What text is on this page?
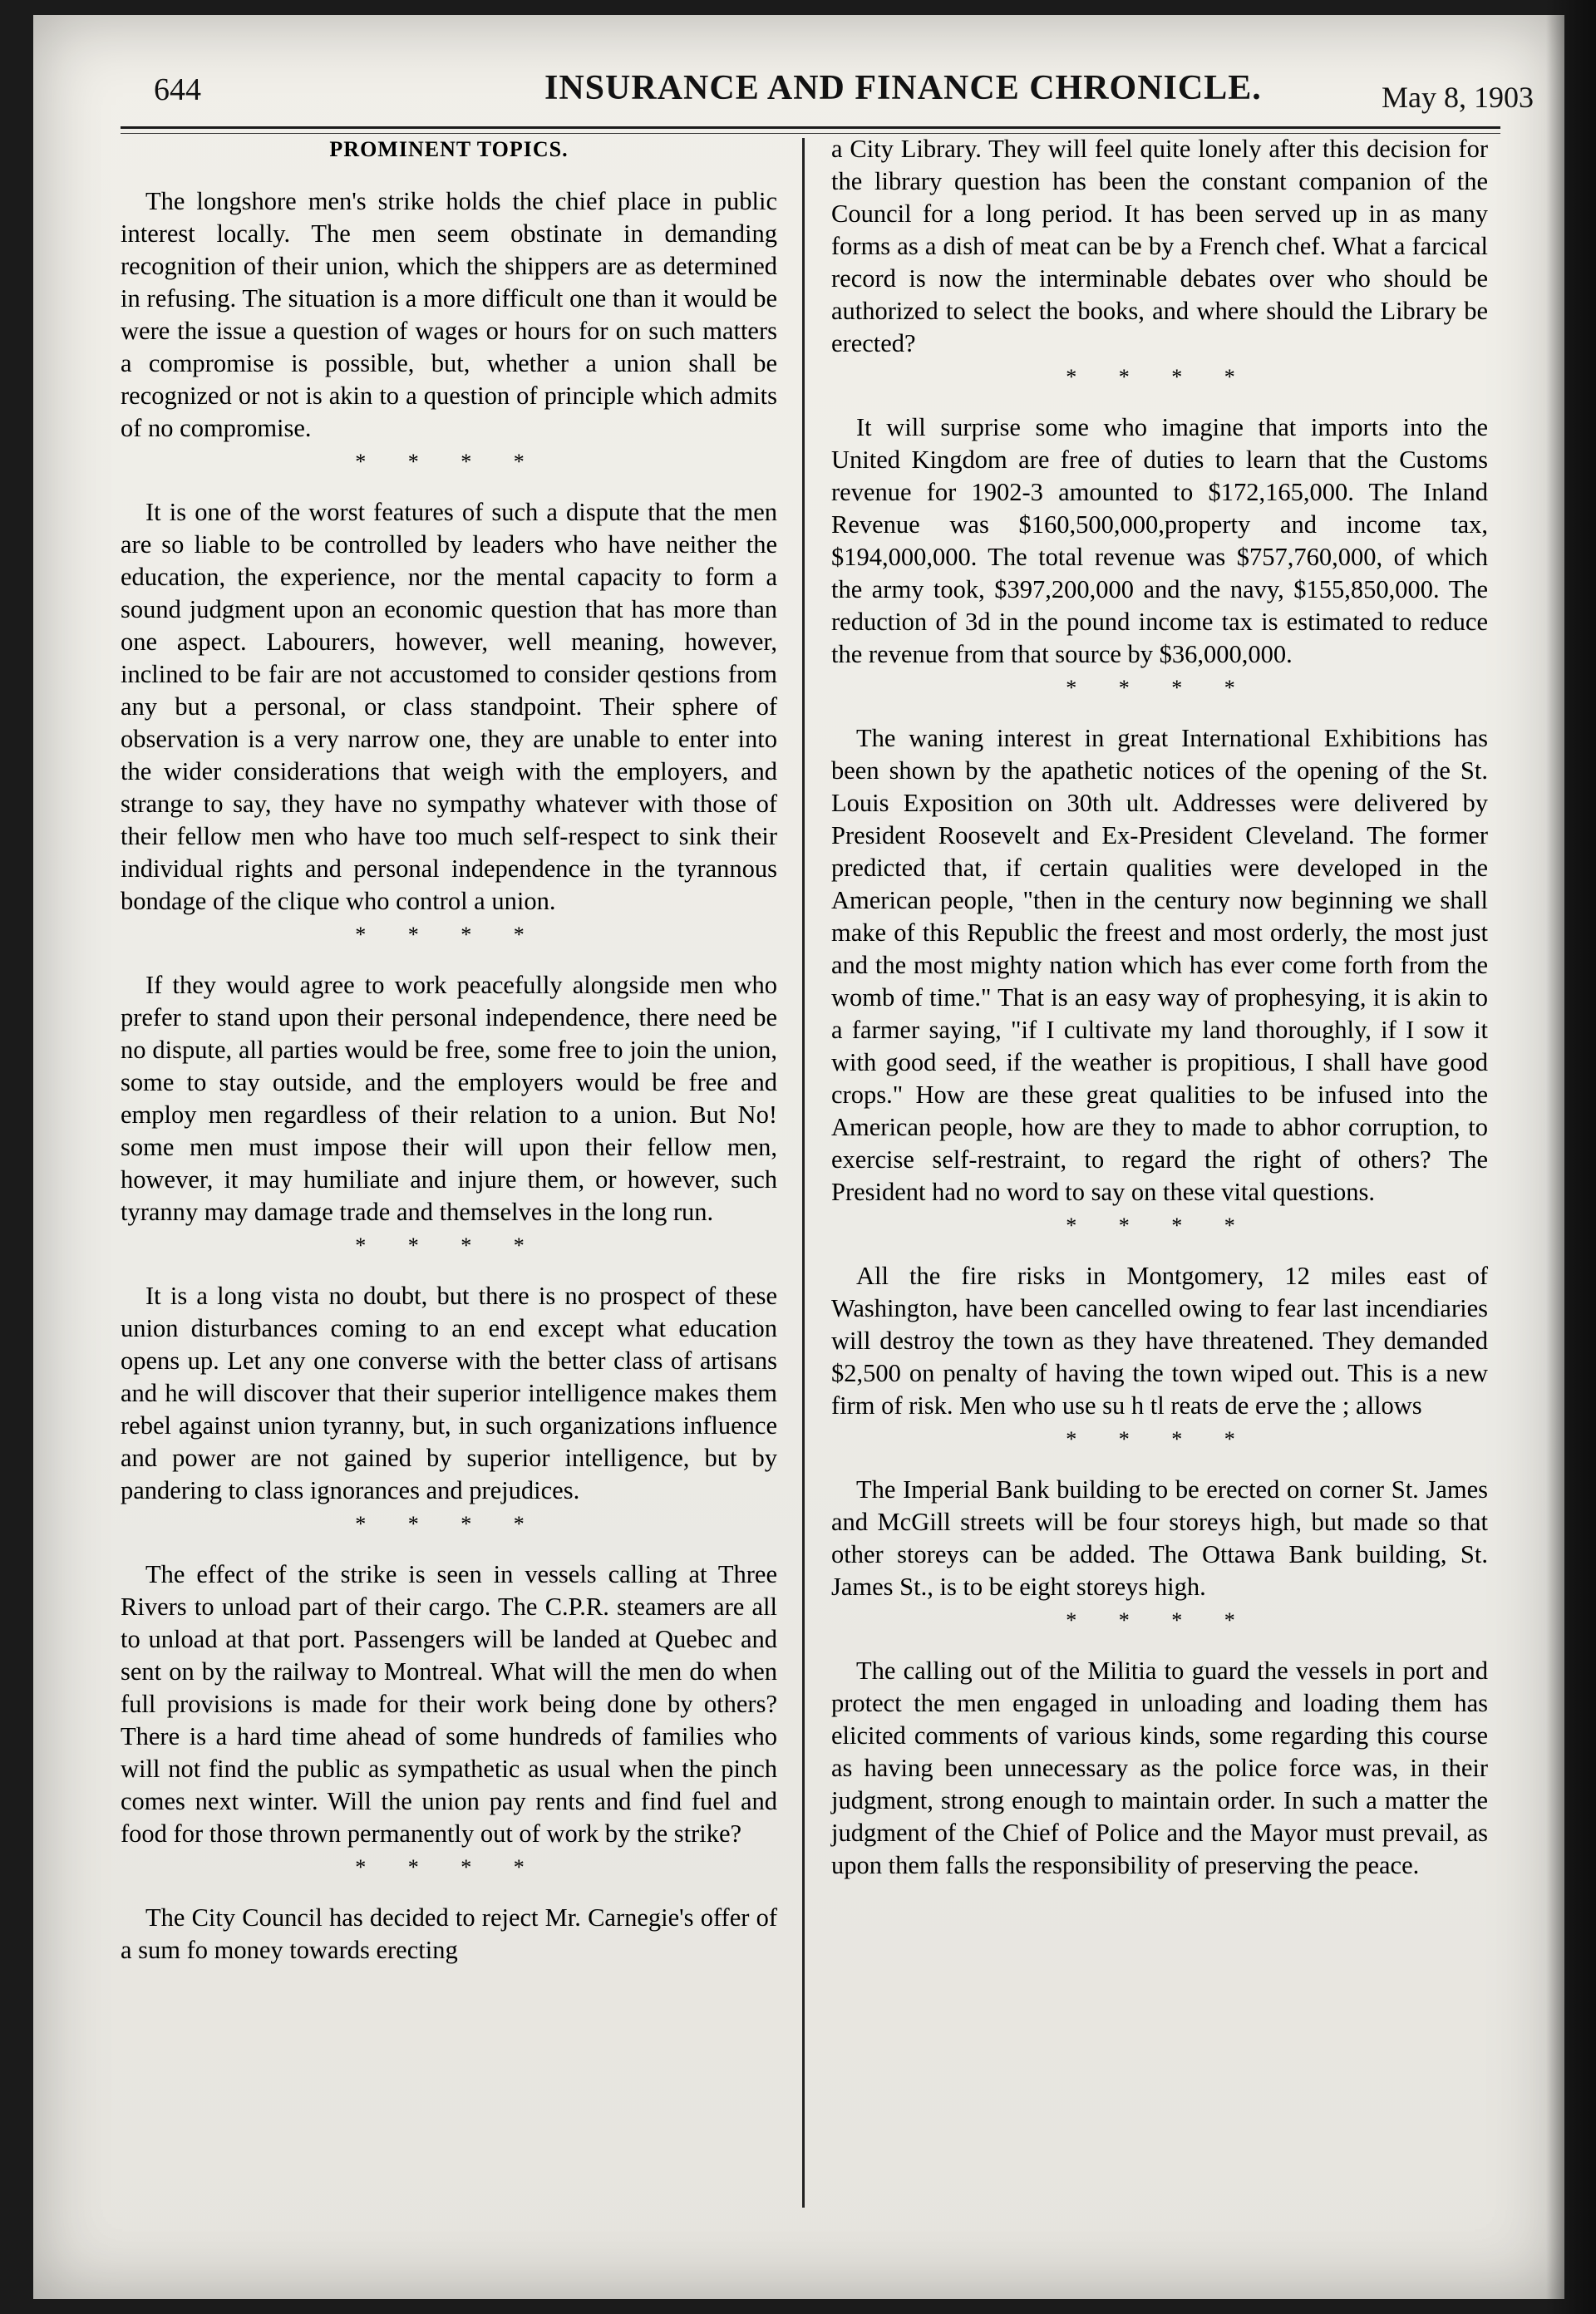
644	INSURANCE AND FINANCE CHRONICLE.	May 8, 1903
PROMINENT TOPICS.

The longshore men's strike holds the chief place in public interest locally. The men seem obstinate in demanding recognition of their union, which the shippers are as determined in refusing. The situation is a more difficult one than it would be were the issue a question of wages or hours for on such matters a compromise is possible, but, whether a union shall be recognized or not is akin to a question of principle which admits of no compromise.

* * * *

It is one of the worst features of such a dispute that the men are so liable to be controlled by leaders who have neither the education, the experience, nor the mental capacity to form a sound judgment upon an economic question that has more than one aspect. Labourers, however, well meaning, however, inclined to be fair are not accustomed to consider qestions from any but a personal, or class standpoint. Their sphere of observation is a very narrow one, they are unable to enter into the wider considerations that weigh with the employers, and strange to say, they have no sympathy whatever with those of their fellow men who have too much self-respect to sink their individual rights and personal independence in the tyrannous bondage of the clique who control a union.

* * * *

If they would agree to work peacefully alongside men who prefer to stand upon their personal independence, there need be no dispute, all parties would be free, some free to join the union, some to stay outside, and the employers would be free and employ men regardless of their relation to a union. But No! some men must impose their will upon their fellow men, however, it may humiliate and injure them, or however, such tyranny may damage trade and themselves in the long run.

* * * *

It is a long vista no doubt, but there is no prospect of these union disturbances coming to an end except what education opens up. Let any one converse with the better class of artisans and he will discover that their superior intelligence makes them rebel against union tyranny, but, in such organizations influence and power are not gained by superior intelligence, but by pandering to class ignorances and prejudices.

* * * *

The effect of the strike is seen in vessels calling at Three Rivers to unload part of their cargo. The C.P.R. steamers are all to unload at that port. Passengers will be landed at Quebec and sent on by the railway to Montreal. What will the men do when full provisions is made for their work being done by others? There is a hard time ahead of some hundreds of families who will not find the public as sympathetic as usual when the pinch comes next winter. Will the union pay rents and find fuel and food for those thrown permanently out of work by the strike?

* * * *

The City Council has decided to reject Mr. Carnegie's offer of a sum fo money towards erecting

a City Library. They will feel quite lonely after this decision for the library question has been the constant companion of the Council for a long period. It has been served up in as many forms as a dish of meat can be by a French chef. What a farcical record is now the interminable debates over who should be authorized to select the books, and where should the Library be erected?

* * * *

It will surprise some who imagine that imports into the United Kingdom are free of duties to learn that the Customs revenue for 1902-3 amounted to $172,165,000. The Inland Revenue was $160,500,000,property and income tax, $194,000,000. The total revenue was $757,760,000, of which the army took, $397,200,000 and the navy, $155,850,000. The reduction of 3d in the pound income tax is estimated to reduce the revenue from that source by $36,000,000.

* * * *

The waning interest in great International Exhibitions has been shown by the apathetic notices of the opening of the St. Louis Exposition on 30th ult. Addresses were delivered by President Roosevelt and Ex-President Cleveland. The former predicted that, if certain qualities were developed in the American people, "then in the century now beginning we shall make of this Republic the freest and most orderly, the most just and the most mighty nation which has ever come forth from the womb of time." That is an easy way of prophesying, it is akin to a farmer saying, "if I cultivate my land thoroughly, if I sow it with good seed, if the weather is propitious, I shall have good crops." How are these great qualities to be infused into the American people, how are they to made to abhor corruption, to exercise self-restraint, to regard the right of others? The President had no word to say on these vital questions.

* * * *

All the fire risks in Montgomery, 12 miles east of Washington, have been cancelled owing to fear last incendiaries will destroy the town as they have threatened. They demanded $2,500 on penalty of having the town wiped out. This is a new firm of risk. Men who use su h tl reats de erve the ; allows

* * * *

The Imperial Bank building to be erected on corner St. James and McGill streets will be four storeys high, but made so that other storeys can be added. The Ottawa Bank building, St. James St., is to be eight storeys high.

* * * *

The calling out of the Militia to guard the vessels in port and protect the men engaged in unloading and loading them has elicited comments of various kinds, some regarding this course as having been unnecessary as the police force was, in their judgment, strong enough to maintain order. In such a matter the judgment of the Chief of Police and the Mayor must prevail, as upon them falls the responsibility of preserving the peace.
